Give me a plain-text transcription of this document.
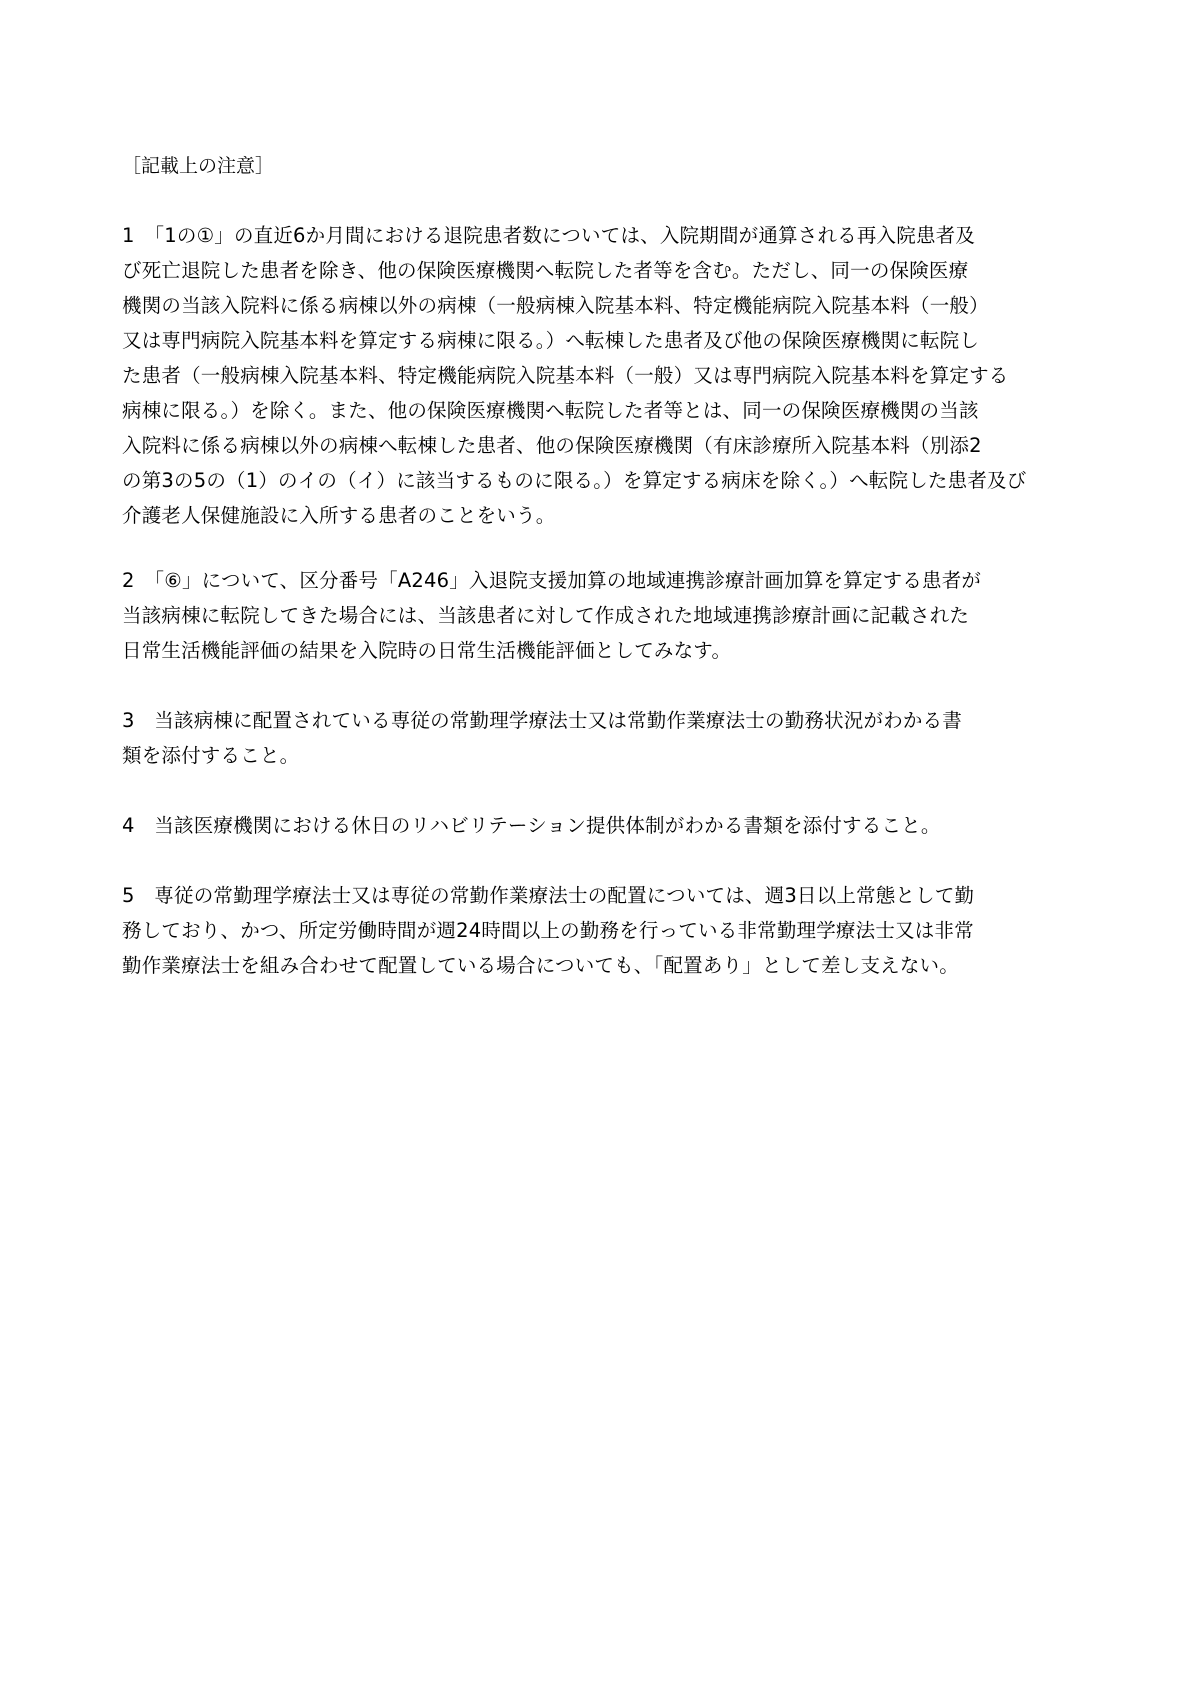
［記載上の注意］
1　「1の①」の直近6か月間における退院患者数については、入院期間が通算される再入院患者及
び死亡退院した患者を除き、他の保険医療機関へ転院した者等を含む。ただし、同一の保険医療
機関の当該入院料に係る病棟以外の病棟（一般病棟入院基本料、特定機能病院入院基本料（一般）
又は専門病院入院基本料を算定する病棟に限る。）へ転棟した患者及び他の保険医療機関に転院し
た患者（一般病棟入院基本料、特定機能病院入院基本料（一般）又は専門病院入院基本料を算定する
病棟に限る。）を除く。また、他の保険医療機関へ転院した者等とは、同一の保険医療機関の当該
入院料に係る病棟以外の病棟へ転棟した患者、他の保険医療機関（有床診療所入院基本料（別添2
の第3の5の（1）のイの（イ）に該当するものに限る。）を算定する病床を除く。）へ転院した患者及び
介護老人保健施設に入所する患者のことをいう。
2　「⑥」について、区分番号「A246」入退院支援加算の地域連携診療計画加算を算定する患者が
当該病棟に転院してきた場合には、当該患者に対して作成された地域連携診療計画に記載された
日常生活機能評価の結果を入院時の日常生活機能評価としてみなす。
3　当該病棟に配置されている専従の常勤理学療法士又は常勤作業療法士の勤務状況がわかる書
類を添付すること。
4　当該医療機関における休日のリハビリテーション提供体制がわかる書類を添付すること。
5　専従の常勤理学療法士又は専従の常勤作業療法士の配置については、週3日以上常態として勤
務しており、かつ、所定労働時間が週24時間以上の勤務を行っている非常勤理学療法士又は非常
勤作業療法士を組み合わせて配置している場合についても、「配置あり」として差し支えない。
